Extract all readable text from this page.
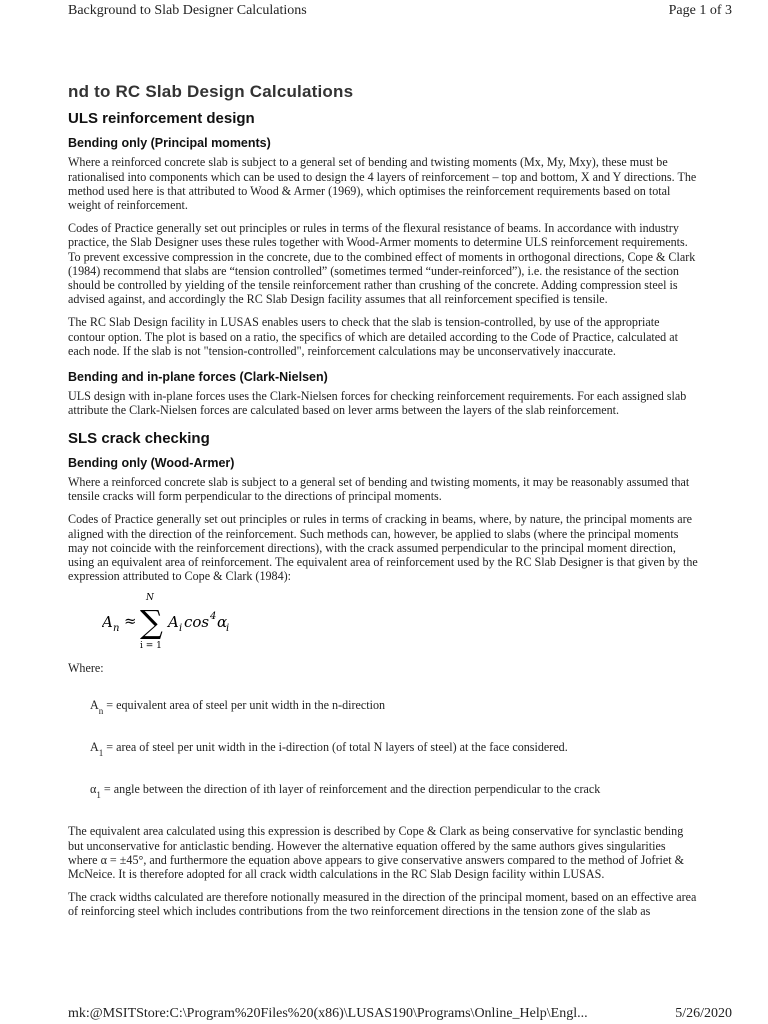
Background to Slab Designer Calculations	Page 1 of 3
nd to RC Slab Design Calculations
ULS reinforcement design
Bending only (Principal moments)

Where a reinforced concrete slab is subject to a general set of bending and twisting moments (Mx, My, Mxy), these must be rationalised into components which can be used to design the 4 layers of reinforcement – top and bottom, X and Y directions. The method used here is that attributed to Wood & Armer (1969), which optimises the reinforcement requirements based on total weight of reinforcement.

Codes of Practice generally set out principles or rules in terms of the flexural resistance of beams. In accordance with industry practice, the Slab Designer uses these rules together with Wood-Armer moments to determine ULS reinforcement requirements. To prevent excessive compression in the concrete, due to the combined effect of moments in orthogonal directions, Cope & Clark (1984) recommend that slabs are “tension controlled” (sometimes termed “under-reinforced”), i.e. the resistance of the section should be controlled by yielding of the tensile reinforcement rather than crushing of the concrete. Adding compression steel is advised against, and accordingly the RC Slab Design facility assumes that all reinforcement specified is tensile.

The RC Slab Design facility in LUSAS enables users to check that the slab is tension-controlled, by use of the appropriate contour option. The plot is based on a ratio, the specifics of which are detailed according to the Code of Practice, calculated at each node. If the slab is not "tension-controlled", reinforcement calculations may be unconservatively inaccurate.

Bending and in-plane forces (Clark-Nielsen)

ULS design with in-plane forces uses the Clark-Nielsen forces for checking reinforcement requirements. For each assigned slab attribute the Clark-Nielsen forces are calculated based on lever arms between the layers of the slab reinforcement.

SLS crack checking
Bending only (Wood-Armer)

Where a reinforced concrete slab is subject to a general set of bending and twisting moments, it may be reasonably assumed that tensile cracks will form perpendicular to the directions of principal moments.

Codes of Practice generally set out principles or rules in terms of cracking in beams, where, by nature, the principal moments are aligned with the direction of the reinforcement. Such methods can, however, be applied to slabs (where the principal moments may not coincide with the reinforcement directions), with the crack assumed perpendicular to the principal moment direction, using an equivalent area of reinforcement. The equivalent area of reinforcement used by the RC Slab Designer is that given by the expression attributed to Cope & Clark (1984):

A n ≈
N
∑
i = 1
A i cos 4 α
i

Where:

$A_n$ = equivalent area of steel per unit width in the n-direction
$A_1$ = area of steel per unit width in the i-direction (of total N layers of steel) at the face considered.
$\alpha_1$ = angle between the direction of ith layer of reinforcement and the direction perpendicular to the crack

The equivalent area calculated using this expression is described by Cope & Clark as being conservative for synclastic bending but unconservative for anticlastic bending. However the alternative equation offered by the same authors gives singularities where α = ±45°, and furthermore the equation above appears to give conservative answers compared to the method of Jofriet & McNeice. It is therefore adopted for all crack width calculations in the RC Slab Design facility within LUSAS.

The crack widths calculated are therefore notionally measured in the direction of the principal moment, based on an effective area of reinforcing steel which includes contributions from the two reinforcement directions in the tension zone of the slab as

mk:@MSITStore:C:\Program%20Files%20(x86)\LUSAS190\Programs\Online_Help\Engl...	5/26/2020
